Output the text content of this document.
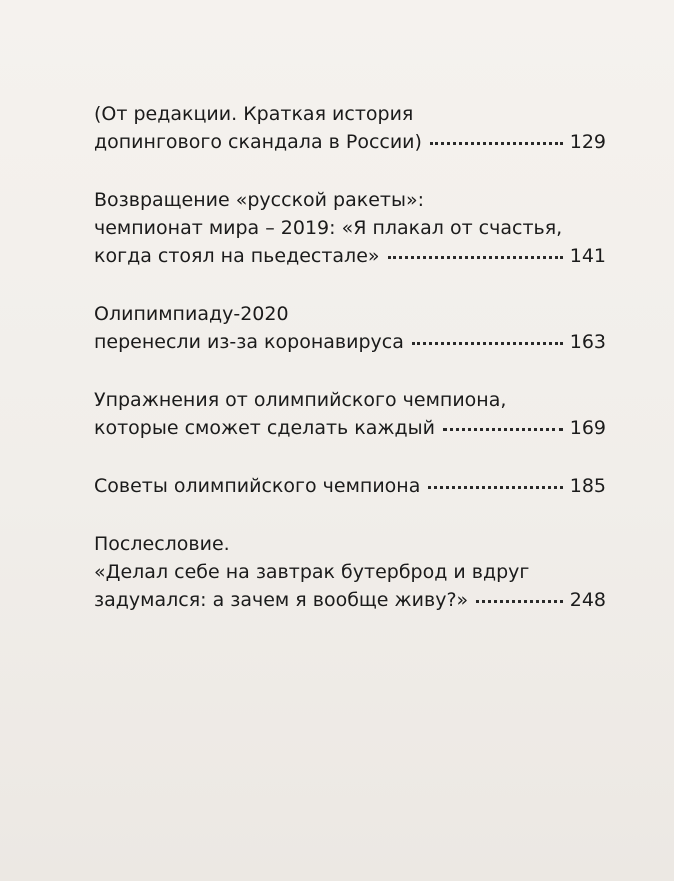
(От редакции. Краткая история
допингового скандала в России)	129
Возвращение «русской ракеты»:
чемпионат мира – 2019: «Я плакал от счастья,
когда стоял на пьедестале»	141
Олипимпиаду-2020
перенесли из-за коронавируса	163
Упражнения от олимпийского чемпиона,
которые сможет сделать каждый	169
Советы олимпийского чемпиона	185
Послесловие.
«Делал себе на завтрак бутерброд и вдруг
задумался: а зачем я вообще живу?»	248
